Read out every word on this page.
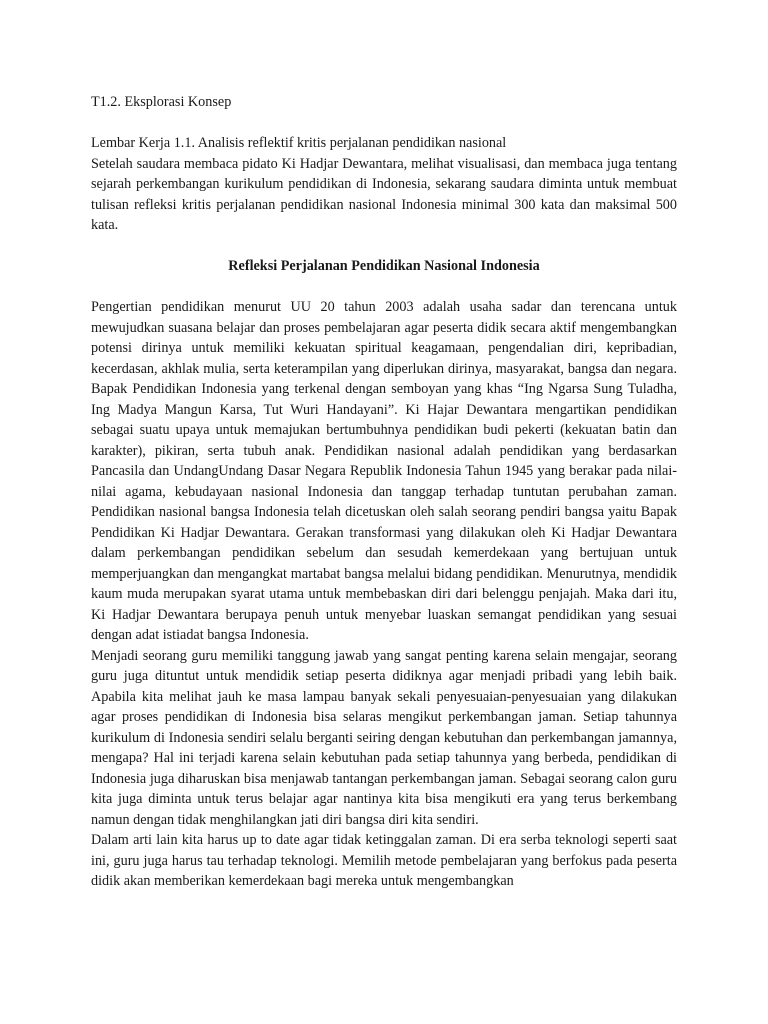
T1.2. Eksplorasi Konsep

Lembar Kerja 1.1. Analisis reflektif kritis perjalanan pendidikan nasional

Setelah saudara membaca pidato Ki Hadjar Dewantara, melihat visualisasi, dan membaca juga tentang sejarah perkembangan kurikulum pendidikan di Indonesia, sekarang saudara diminta untuk membuat tulisan refleksi kritis perjalanan pendidikan nasional Indonesia minimal 300 kata dan maksimal 500 kata.

Refleksi Perjalanan Pendidikan Nasional Indonesia

Pengertian pendidikan menurut UU 20 tahun 2003 adalah usaha sadar dan terencana untuk mewujudkan suasana belajar dan proses pembelajaran agar peserta didik secara aktif mengembangkan potensi dirinya untuk memiliki kekuatan spiritual keagamaan, pengendalian diri, kepribadian, kecerdasan, akhlak mulia, serta keterampilan yang diperlukan dirinya, masyarakat, bangsa dan negara. Bapak Pendidikan Indonesia yang terkenal dengan semboyan yang khas “Ing Ngarsa Sung Tuladha, Ing Madya Mangun Karsa, Tut Wuri Handayani”. Ki Hajar Dewantara mengartikan pendidikan sebagai suatu upaya untuk memajukan bertumbuhnya pendidikan budi pekerti (kekuatan batin dan karakter), pikiran, serta tubuh anak. Pendidikan nasional adalah pendidikan yang berdasarkan Pancasila dan UndangUndang Dasar Negara Republik Indonesia Tahun 1945 yang berakar pada nilai-nilai agama, kebudayaan nasional Indonesia dan tanggap terhadap tuntutan perubahan zaman. Pendidikan nasional bangsa Indonesia telah dicetuskan oleh salah seorang pendiri bangsa yaitu Bapak Pendidikan Ki Hadjar Dewantara. Gerakan transformasi yang dilakukan oleh Ki Hadjar Dewantara dalam perkembangan pendidikan sebelum dan sesudah kemerdekaan yang bertujuan untuk memperjuangkan dan mengangkat martabat bangsa melalui bidang pendidikan. Menurutnya, mendidik kaum muda merupakan syarat utama untuk membebaskan diri dari belenggu penjajah. Maka dari itu, Ki Hadjar Dewantara berupaya penuh untuk menyebar luaskan semangat pendidikan yang sesuai dengan adat istiadat bangsa Indonesia.

Menjadi seorang guru memiliki tanggung jawab yang sangat penting karena selain mengajar, seorang guru juga dituntut untuk mendidik setiap peserta didiknya agar menjadi pribadi yang lebih baik. Apabila kita melihat jauh ke masa lampau banyak sekali penyesuaian-penyesuaian yang dilakukan agar proses pendidikan di Indonesia bisa selaras mengikut perkembangan jaman. Setiap tahunnya kurikulum di Indonesia sendiri selalu berganti seiring dengan kebutuhan dan perkembangan jamannya, mengapa? Hal ini terjadi karena selain kebutuhan pada setiap tahunnya yang berbeda, pendidikan di Indonesia juga diharuskan bisa menjawab tantangan perkembangan jaman. Sebagai seorang calon guru kita juga diminta untuk terus belajar agar nantinya kita bisa mengikuti era yang terus berkembang namun dengan tidak menghilangkan jati diri bangsa diri kita sendiri.

Dalam arti lain kita harus up to date agar tidak ketinggalan zaman. Di era serba teknologi seperti saat ini, guru juga harus tau terhadap teknologi. Memilih metode pembelajaran yang berfokus pada peserta didik akan memberikan kemerdekaan bagi mereka untuk mengembangkan
